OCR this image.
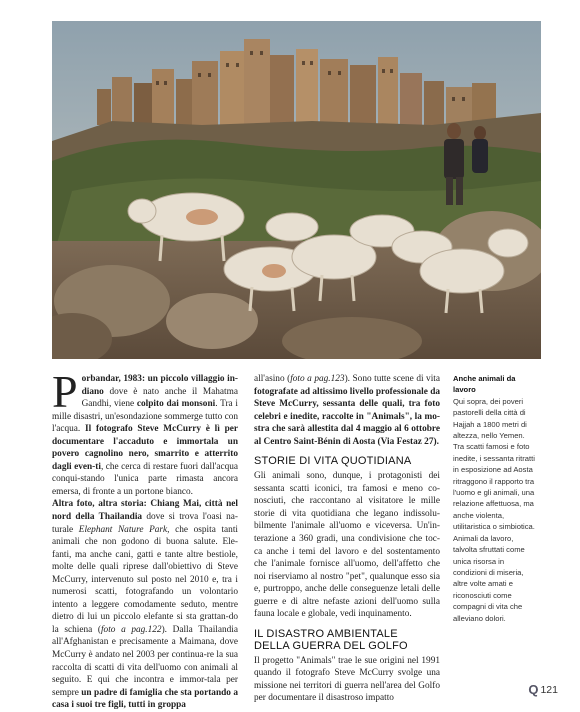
Porbandar, 1983: un piccolo villaggio in-diano dove è nato anche il Mahatma Gandhi, viene colpito dai monsoni. Tra i mille disastri, un'esondazione sommerge tutto con l'acqua. Il fotografo Steve McCurry è lì per documentare l'accaduto e immortala un povero cagnolino nero, smarrito e atterrito dagli even-ti, che cerca di restare fuori dall'acqua conqui-stando l'unica parte rimasta ancora emersa, di fronte a un portone bianco.

Altra foto, altra storia: Chiang Mai, città nel nord della Thailandia dove si trova l'oasi na-turale Elephant Nature Park, che ospita tanti animali che non godono di buona salute. Ele-fanti, ma anche cani, gatti e tante altre bestiole, molte delle quali riprese dall'obiettivo di Steve McCurry, intervenuto sul posto nel 2010 e, tra i numerosi scatti, fotografando un volontario intento a leggere comodamente seduto, mentre dietro di lui un piccolo elefante si sta grattan-do la schiena (foto a pag.122). Dalla Thailandia all'Afghanistan e precisamente a Maimana, dove McCurry è andato nel 2003 per continua-re la sua raccolta di scatti di vita dell'uomo con animali al seguito. E qui che incontra e immor-tala per sempre un padre di famiglia che sta portando a casa i suoi tre figli, tutti in groppa

all'asino (foto a pag.123). Sono tutte scene di vita fotografate ad altissimo livello professionale da Steve McCurry, sessanta delle quali, tra foto celebri e inedite, raccolte in "Animals", la mo-stra che sarà allestita dal 4 maggio al 6 ottobre al Centro Saint-Bénin di Aosta (Via Festaz 27).

STORIE DI VITA QUOTIDIANA

Gli animali sono, dunque, i protagonisti dei sessanta scatti iconici, tra famosi e meno co-nosciuti, che raccontano al visitatore le mille storie di vita quotidiana che legano indissolu-bilmente l'animale all'uomo e viceversa. Un'in-terazione a 360 gradi, una condivisione che toc-ca anche i temi del lavoro e del sostentamento che l'animale fornisce all'uomo, dell'affetto che noi riserviamo al nostro "pet", qualunque esso sia e, purtroppo, anche delle conseguenze letali delle guerre e di altre nefaste azioni dell'uomo sulla fauna locale e globale, vedi inquinamento.

IL DISASTRO AMBIENTALE
DELLA GUERRA DEL GOLFO

Il progetto "Animals" trae le sue origini nel 1991 quando il fotografo Steve McCurry svolge una missione nei territori di guerra nell'area del Golfo per documentare il disastroso impatto

Anche animali da lavoro
Qui sopra, dei poveri pastorelli della città di Hajjah a 1800 metri di altezza, nello Yemen. Tra scatti famosi e foto inedite, i sessanta ritratti in esposizione ad Aosta ritraggono il rapporto tra l'uomo e gli animali, una relazione affettuosa, ma anche violenta, utilitaristica o simbiotica. Animali da lavoro, talvolta sfruttati come unica risorsa in condizioni di miseria, altre volte amati e riconosciuti come compagni di vita che alleviano dolori.
Q 121
